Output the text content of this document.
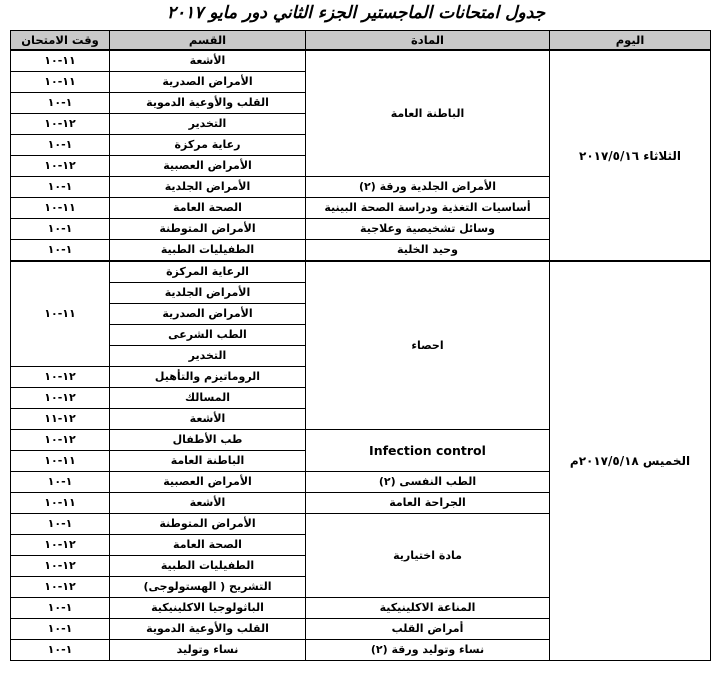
جدول امتحانات الماجستير الجزء الثاني دور مايو ٢٠١٧
اليوم	المادة	القسم	وقت الامتحان
الثلاثاء ٢٠١٧/٥/١٦	الباطنة العامة	الأشعة	١١-١٠
		الأمراض الصدرية	١١-١٠
		القلب والأوعية الدموية	١-١٠
		التخدير	١٢-١٠
		رعاية مركزة	١-١٠
		الأمراض العصبية	١٢-١٠
	الأمراض الجلدية ورقة (٢)	الأمراض الجلدية	١-١٠
	أساسيات التغذية ودراسة الصحة البينية	الصحة العامة	١١-١٠
	وسائل تشخيصية وعلاجية	الأمراض المتوطنة	١-١٠
	وحيد الخلية	الطفيليات الطبية	١-١٠
الخميس ٢٠١٧/٥/١٨م	احصاء	الرعاية المركزة	١١-١٠
		الأمراض الجلدية	
		الأمراض الصدرية	
		الطب الشرعى	
		التخدير	
		الروماتيزم والتأهيل	١٢-١٠
		المسالك	١٢-١٠
		الأشعة	١٢-١١
	Infection control	طب الأطفال	١٢-١٠
		الباطنة العامة	١١-١٠
	الطب النفسى (٢)	الأمراض العصبية	١-١٠
	الجراحة العامة	الأشعة	١١-١٠
	مادة اختيارية	الأمراض المتوطنة	١-١٠
		الصحة العامة	١٢-١٠
		الطفيليات الطبية	١٢-١٠
		التشريح ( الهستولوجى)	١٢-١٠
	المناعة الاكلينيكية	الباثولوجيا الاكلينيكية	١-١٠
	أمراض القلب	القلب والأوعية الدموية	١-١٠
	نساء وتوليد ورقة (٢)	نساء وتوليد	١-١٠
